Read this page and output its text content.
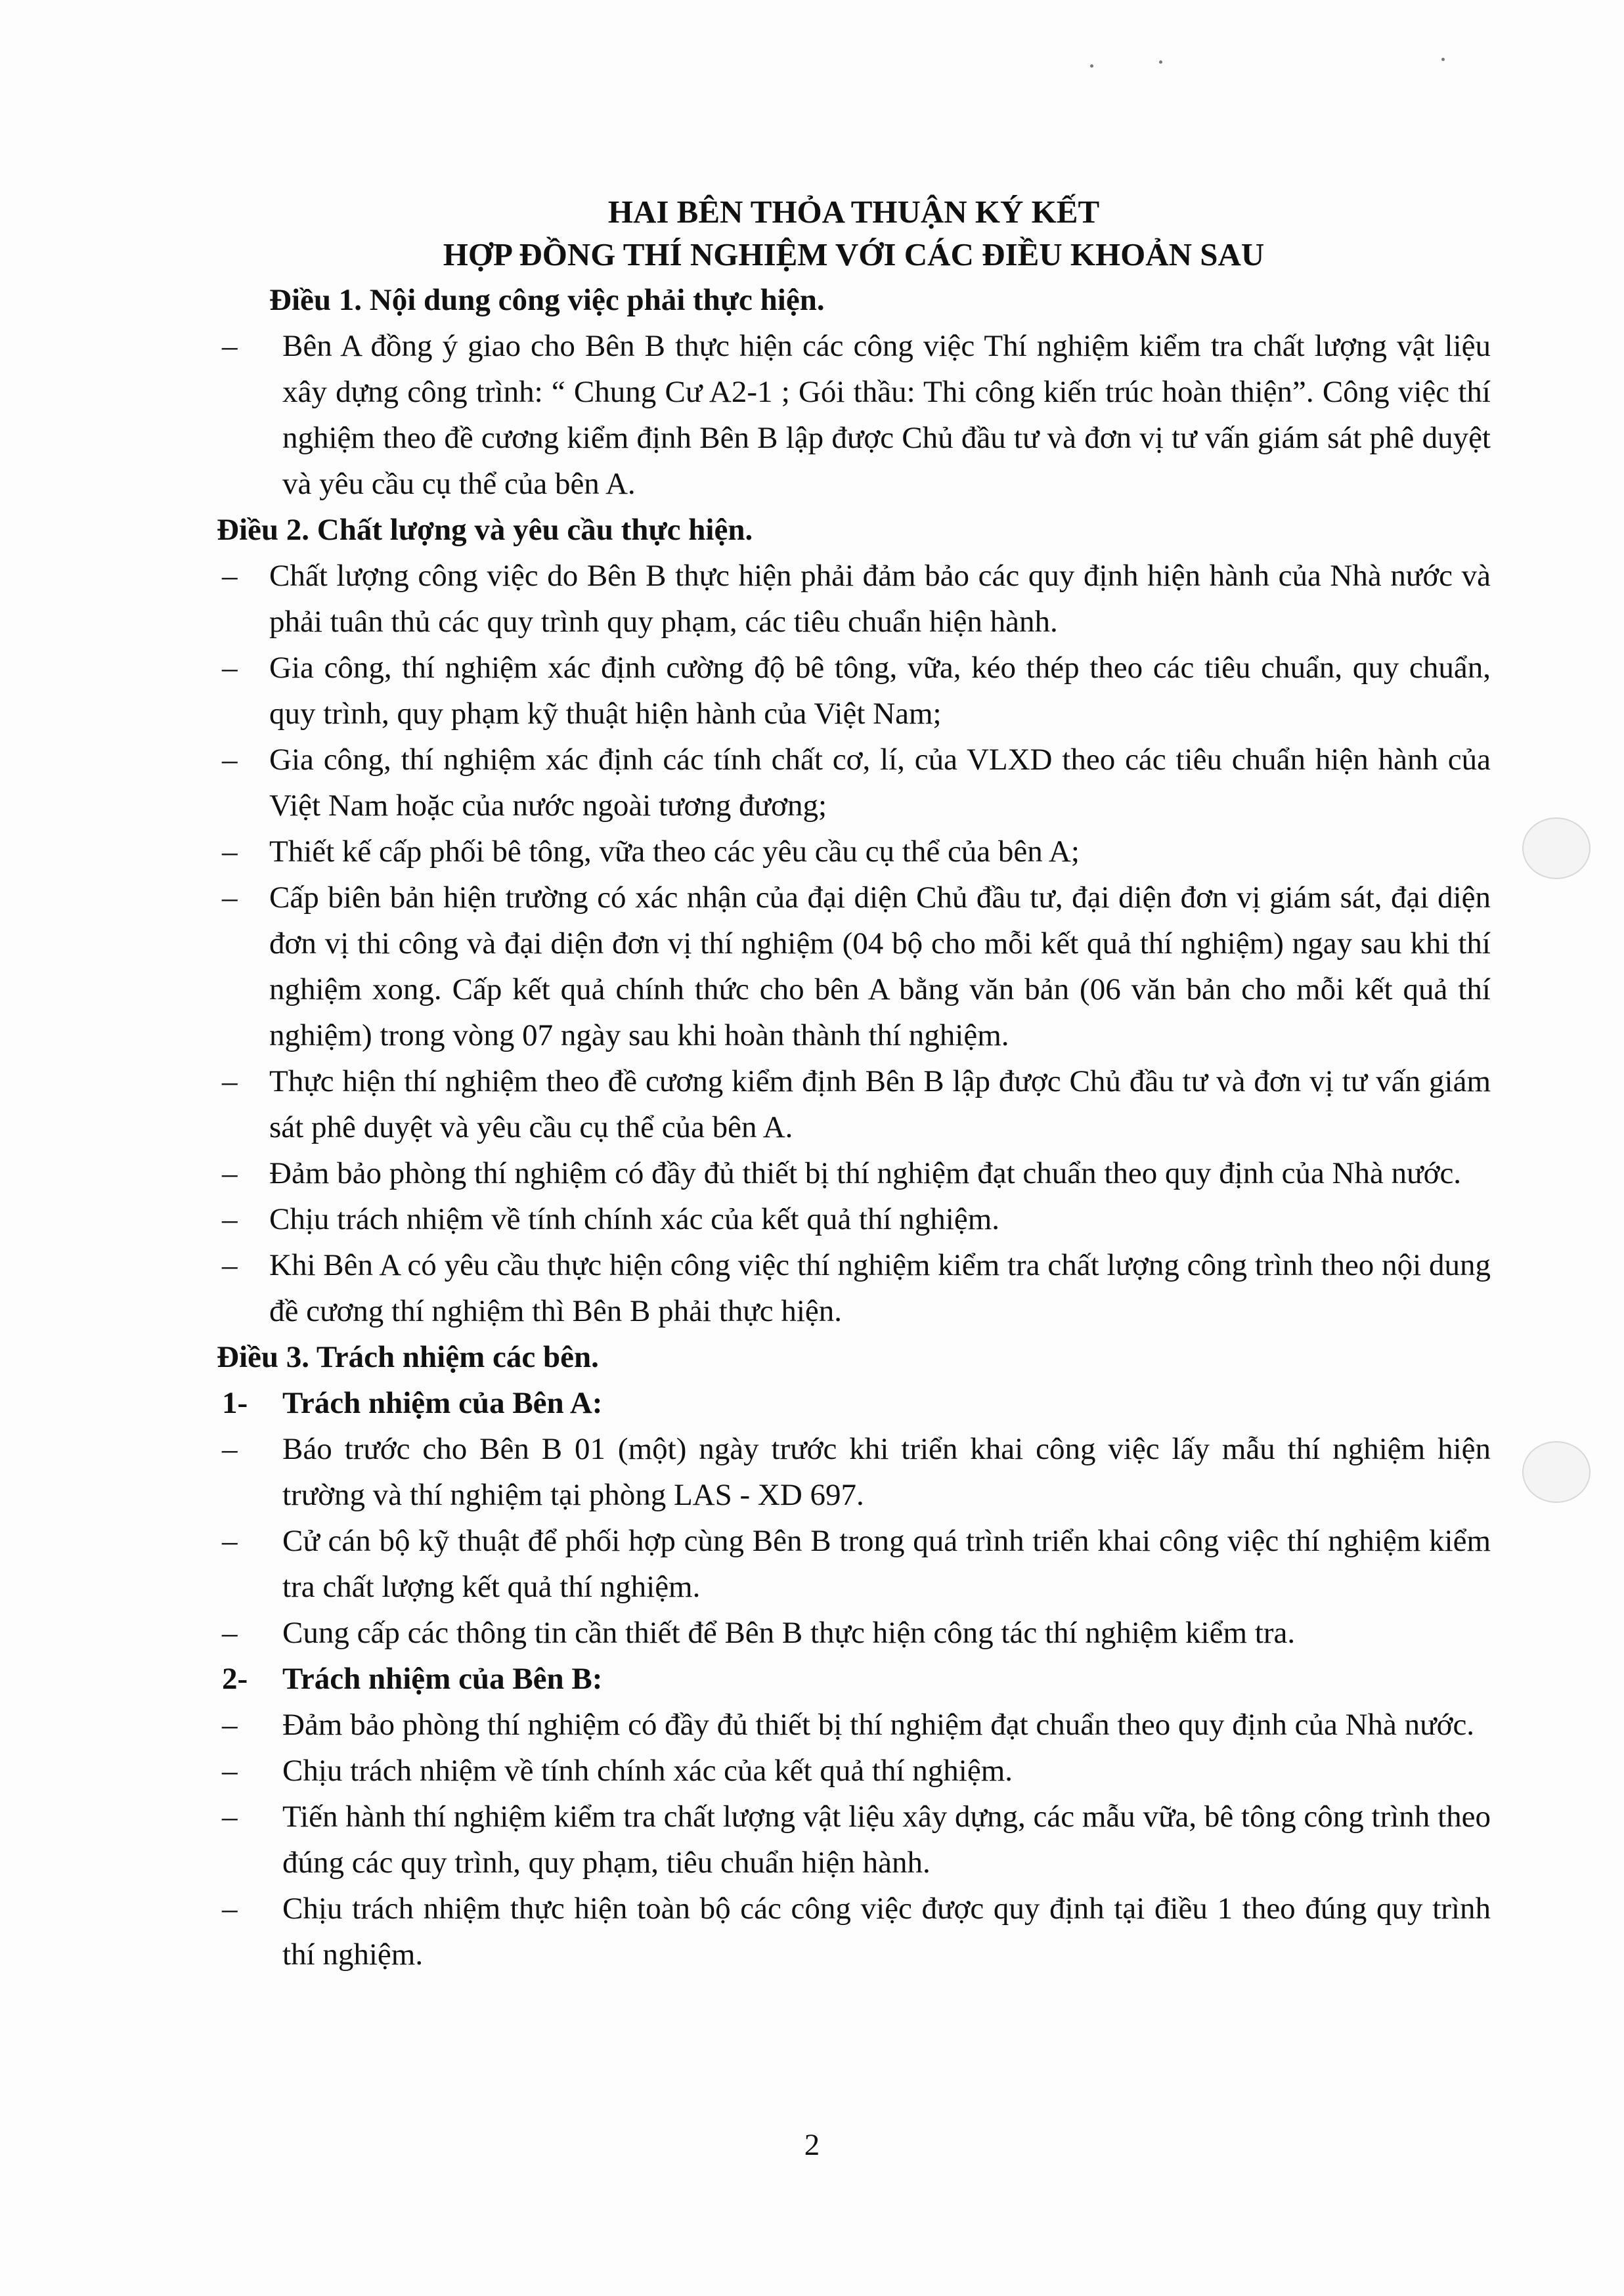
HAI BÊN THỎA THUẬN KÝ KẾT
HỢP ĐỒNG THÍ NGHIỆM VỚI CÁC ĐIỀU KHOẢN SAU
Điều 1. Nội dung công việc phải thực hiện.
– Bên A đồng ý giao cho Bên B thực hiện các công việc Thí nghiệm kiểm tra chất lượng vật liệu xây dựng công trình: “ Chung Cư A2-1 ; Gói thầu: Thi công kiến trúc hoàn thiện”. Công việc thí nghiệm theo đề cương kiểm định Bên B lập được Chủ đầu tư và đơn vị tư vấn giám sát phê duyệt và yêu cầu cụ thể của bên A.
Điều 2. Chất lượng và yêu cầu thực hiện.
– Chất lượng công việc do Bên B thực hiện phải đảm bảo các quy định hiện hành của Nhà nước và phải tuân thủ các quy trình quy phạm, các tiêu chuẩn hiện hành.
– Gia công, thí nghiệm xác định cường độ bê tông, vữa, kéo thép theo các tiêu chuẩn, quy chuẩn, quy trình, quy phạm kỹ thuật hiện hành của Việt Nam;
– Gia công, thí nghiệm xác định các tính chất cơ, lí, của VLXD theo các tiêu chuẩn hiện hành của Việt Nam hoặc của nước ngoài tương đương;
– Thiết kế cấp phối bê tông, vữa theo các yêu cầu cụ thể của bên A;
– Cấp biên bản hiện trường có xác nhận của đại diện Chủ đầu tư, đại diện đơn vị giám sát, đại diện đơn vị thi công và đại diện đơn vị thí nghiệm (04 bộ cho mỗi kết quả thí nghiệm) ngay sau khi thí nghiệm xong. Cấp kết quả chính thức cho bên A bằng văn bản (06 văn bản cho mỗi kết quả thí nghiệm) trong vòng 07 ngày sau khi hoàn thành thí nghiệm.
– Thực hiện thí nghiệm theo đề cương kiểm định Bên B lập được Chủ đầu tư và đơn vị tư vấn giám sát phê duyệt và yêu cầu cụ thể của bên A.
– Đảm bảo phòng thí nghiệm có đầy đủ thiết bị thí nghiệm đạt chuẩn theo quy định của Nhà nước.
– Chịu trách nhiệm về tính chính xác của kết quả thí nghiệm.
– Khi Bên A có yêu cầu thực hiện công việc thí nghiệm kiểm tra chất lượng công trình theo nội dung đề cương thí nghiệm thì Bên B phải thực hiện.
Điều 3. Trách nhiệm các bên.
1- Trách nhiệm của Bên A:
– Báo trước cho Bên B 01 (một) ngày trước khi triển khai công việc lấy mẫu thí nghiệm hiện trường và thí nghiệm tại phòng LAS - XD 697.
– Cử cán bộ kỹ thuật để phối hợp cùng Bên B trong quá trình triển khai công việc thí nghiệm kiểm tra chất lượng kết quả thí nghiệm.
– Cung cấp các thông tin cần thiết để Bên B thực hiện công tác thí nghiệm kiểm tra.
2- Trách nhiệm của Bên B:
– Đảm bảo phòng thí nghiệm có đầy đủ thiết bị thí nghiệm đạt chuẩn theo quy định của Nhà nước.
– Chịu trách nhiệm về tính chính xác của kết quả thí nghiệm.
– Tiến hành thí nghiệm kiểm tra chất lượng vật liệu xây dựng, các mẫu vữa, bê tông công trình theo đúng các quy trình, quy phạm, tiêu chuẩn hiện hành.
– Chịu trách nhiệm thực hiện toàn bộ các công việc được quy định tại điều 1 theo đúng quy trình thí nghiệm.
2
